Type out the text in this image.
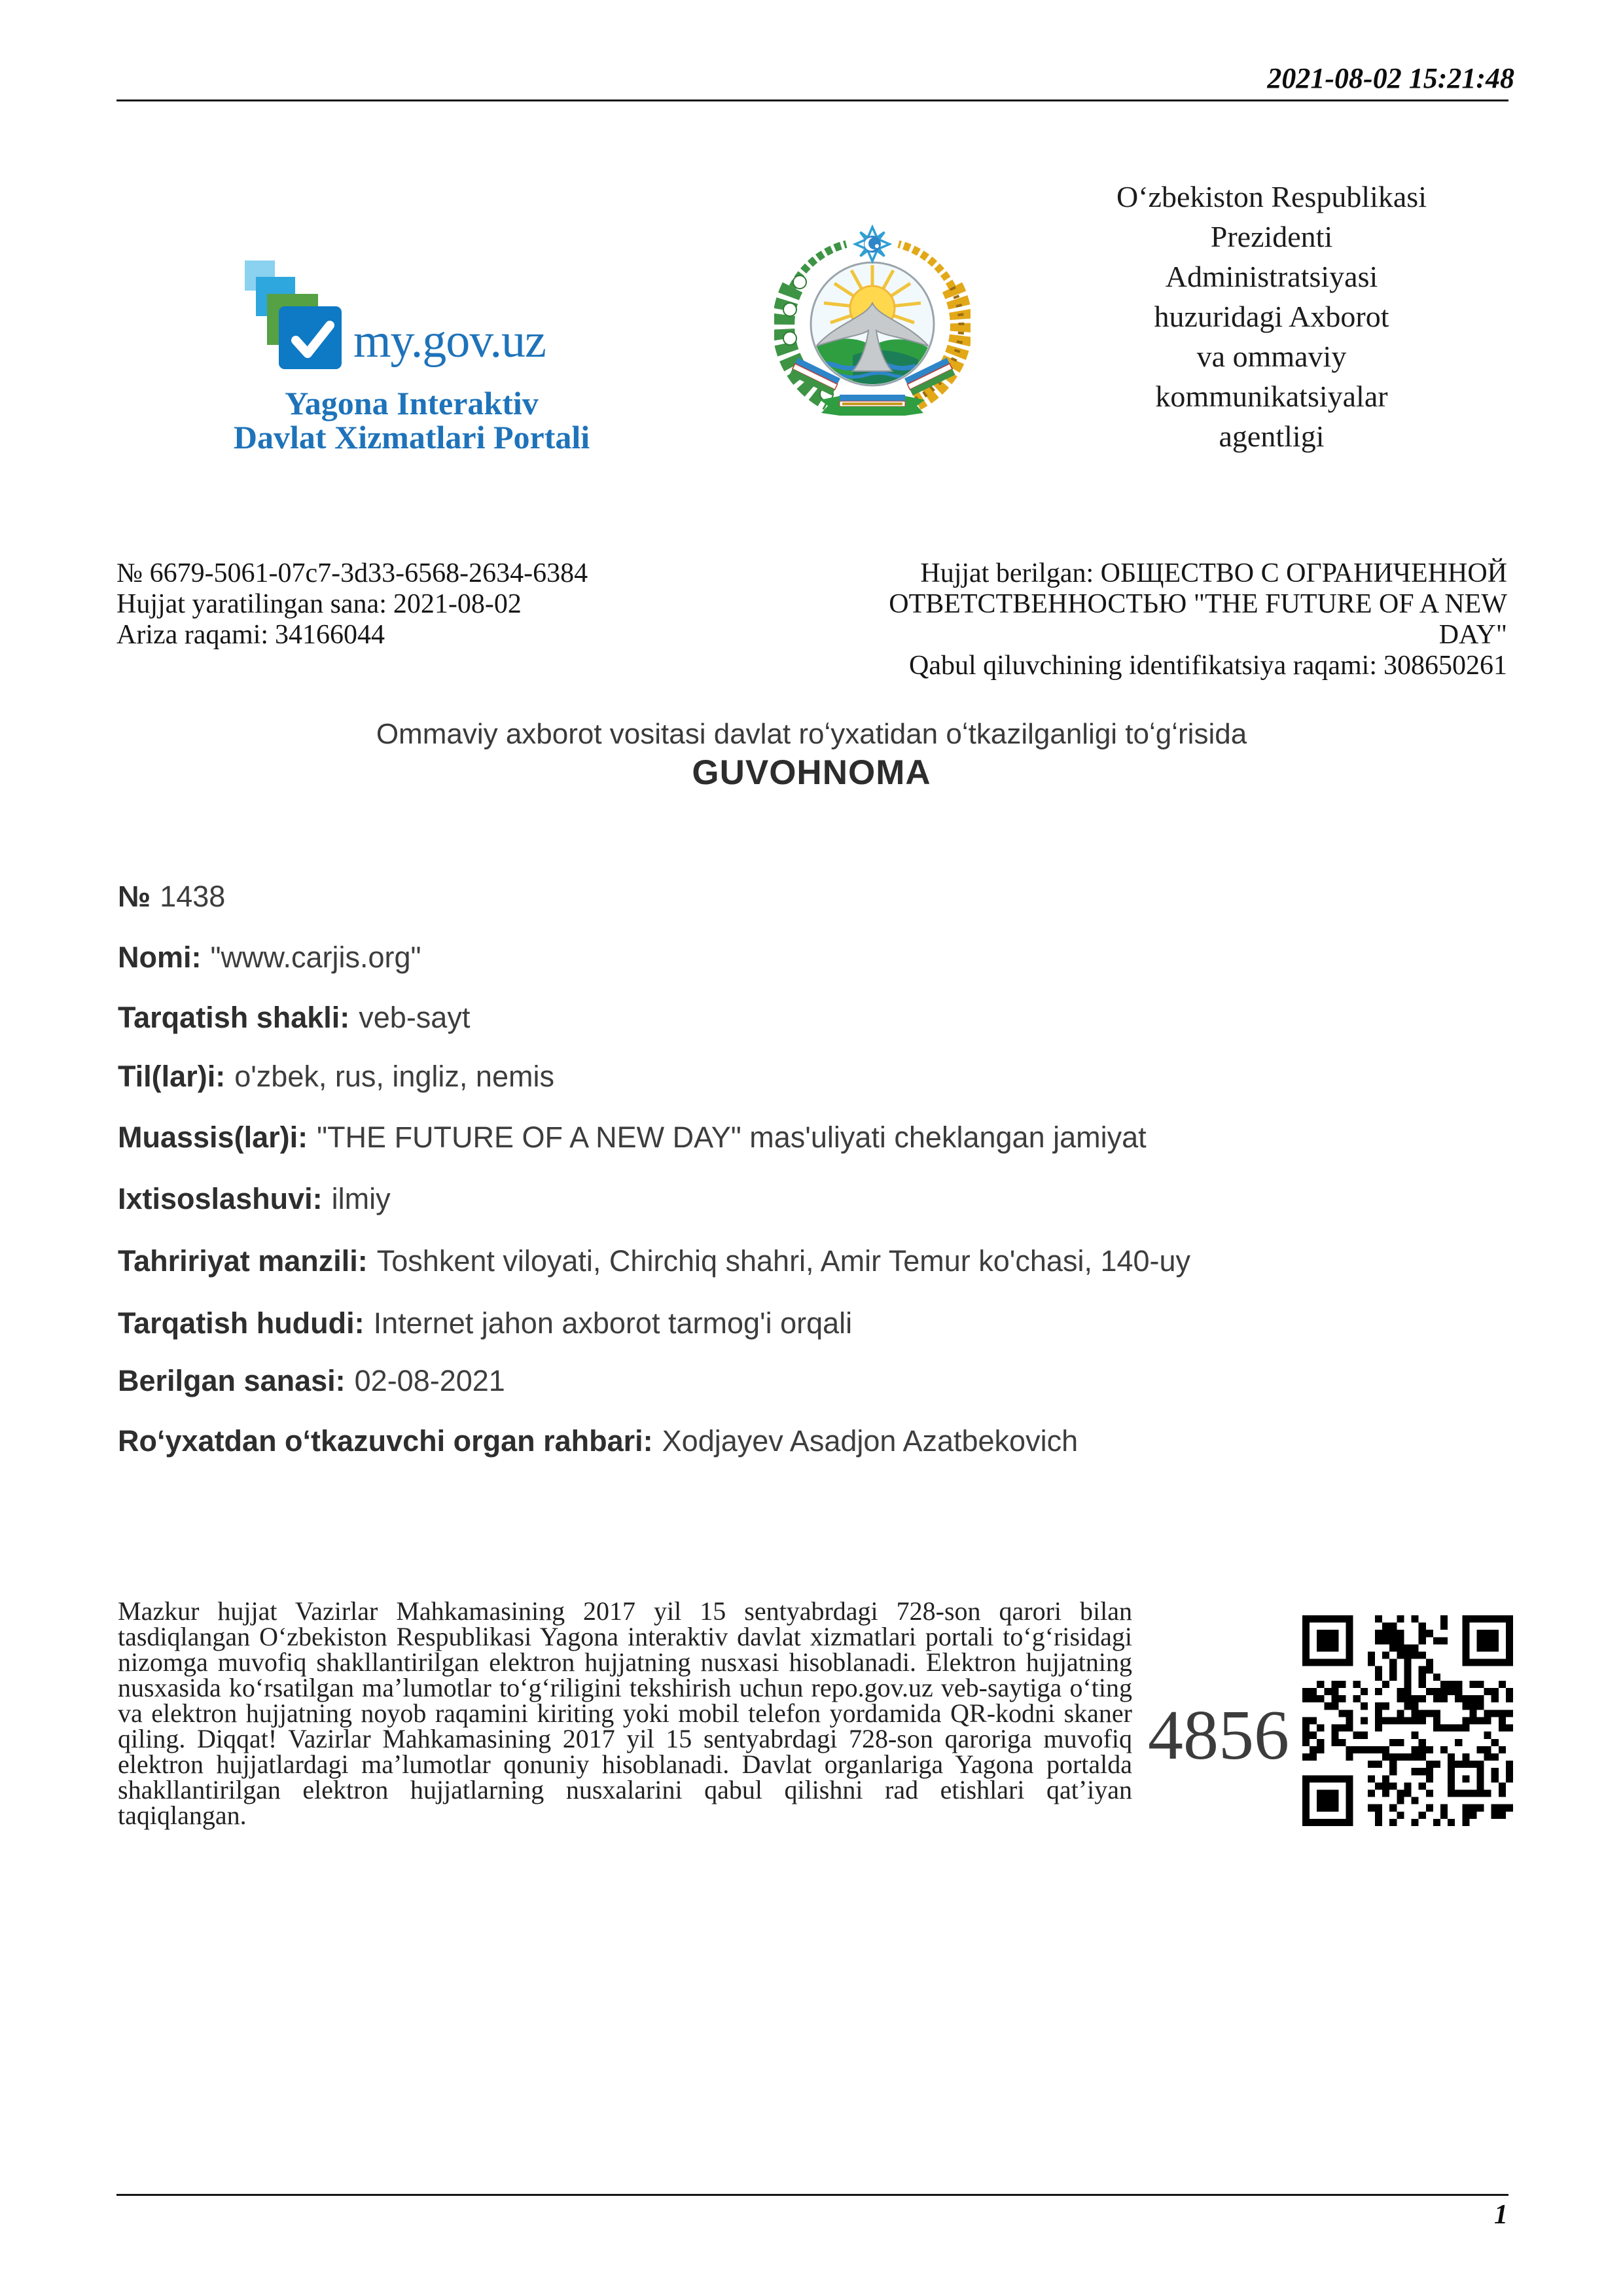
2021-08-02 15:21:48
my.gov.uz
Yagona Interaktiv
Davlat Xizmatlari Portali
Oʻzbekiston Respublikasi
Prezidenti
Administratsiyasi
huzuridagi Axborot
va ommaviy
kommunikatsiyalar
agentligi
№ 6679-5061-07c7-3d33-6568-2634-6384
Hujjat yaratilingan sana: 2021-08-02
Ariza raqami: 34166044
Hujjat berilgan: ОБЩЕСТВО С ОГРАНИЧЕННОЙ ОТВЕТСТВЕННОСТЬЮ "THE FUTURE OF A NEW DAY"
Qabul qiluvchining identifikatsiya raqami: 308650261
Ommaviy axborot vositasi davlat roʻyxatidan oʻtkazilganligi toʻgʻrisida
GUVOHNOMA
№ 1438
Nomi: "www.carjis.org"
Tarqatish shakli: veb-sayt
Til(lar)i: o'zbek, rus, ingliz, nemis
Muassis(lar)i: "THE FUTURE OF A NEW DAY" mas'uliyati cheklangan jamiyat
Ixtisoslashuvi: ilmiy
Tahririyat manzili: Toshkent viloyati, Chirchiq shahri, Amir Temur ko'chasi, 140-uy
Tarqatish hududi: Internet jahon axborot tarmog'i orqali
Berilgan sanasi: 02-08-2021
Roʻyxatdan oʻtkazuvchi organ rahbari: Xodjayev Asadjon Azatbekovich
Mazkur hujjat Vazirlar Mahkamasining 2017 yil 15 sentyabrdagi 728-son qarori bilan tasdiqlangan Oʻzbekiston Respublikasi Yagona interaktiv davlat xizmatlari portali toʻgʻrisidagi nizomga muvofiq shakllantirilgan elektron hujjatning nusxasi hisoblanadi. Elektron hujjatning nusxasida koʻrsatilgan maʼlumotlar toʻgʻriligini tekshirish uchun repo.gov.uz veb-saytiga oʻting va elektron hujjatning noyob raqamini kiriting yoki mobil telefon yordamida QR-kodni skaner qiling. Diqqat! Vazirlar Mahkamasining 2017 yil 15 sentyabrdagi 728-son qaroriga muvofiq elektron hujjatlardagi maʼlumotlar qonuniy hisoblanadi. Davlat organlariga Yagona portalda shakllantirilgan elektron hujjatlarning nusxalarini qabul qilishni rad etishlari qatʼiyan taqiqlangan.
4856
1
